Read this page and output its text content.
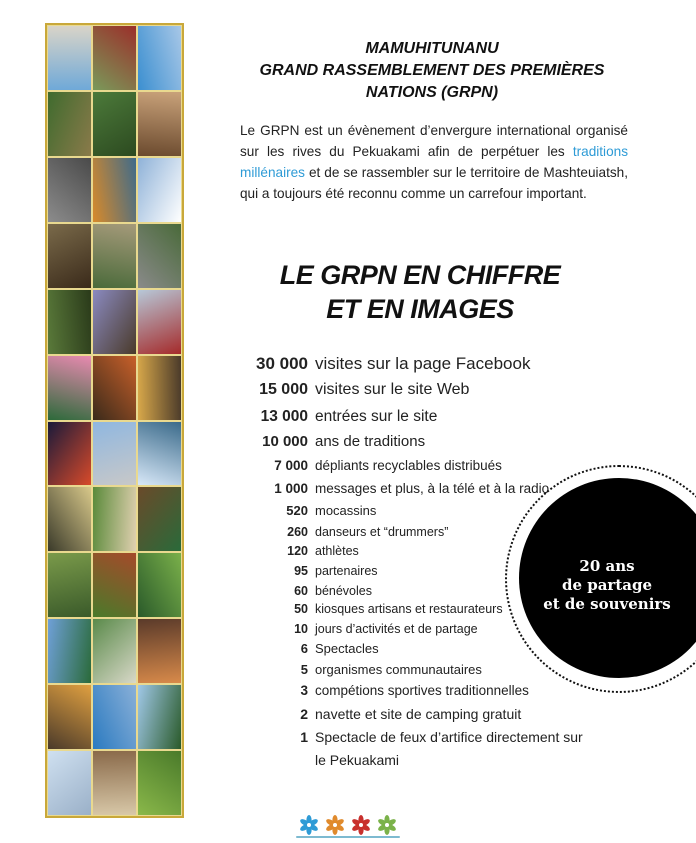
MAMUHITUNANU
GRAND RASSEMBLEMENT DES PREMIÈRES
NATIONS (GRPN)
Le GRPN est un évènement d’envergure international organisé sur les rives du Pekuakami afin de perpétuer les traditions millénaires et de se rassembler sur le territoire de Mashteuiatsh, qui a toujours été reconnu comme un carrefour important.
LE GRPN EN CHIFFRE
ET EN IMAGES
30 000 visites sur la page Facebook
15 000 visites sur le site Web
13 000 entrées sur le site
10 000 ans de traditions
7 000 dépliants recyclables distribués
1 000 messages et plus, à la télé et à la radio
520 mocassins
260 danseurs et “drummers”
120 athlètes
95 partenaires
60 bénévoles
50 kiosques artisans et restaurateurs
10 jours d’activités et de partage
6 Spectacles
5 organismes communautaires
3 compétions sportives traditionnelles
2 navette et site de camping gratuit
1 Spectacle de feux d’artifice directement sur
le Pekuakami
20 ans
de partage
et de souvenirs
